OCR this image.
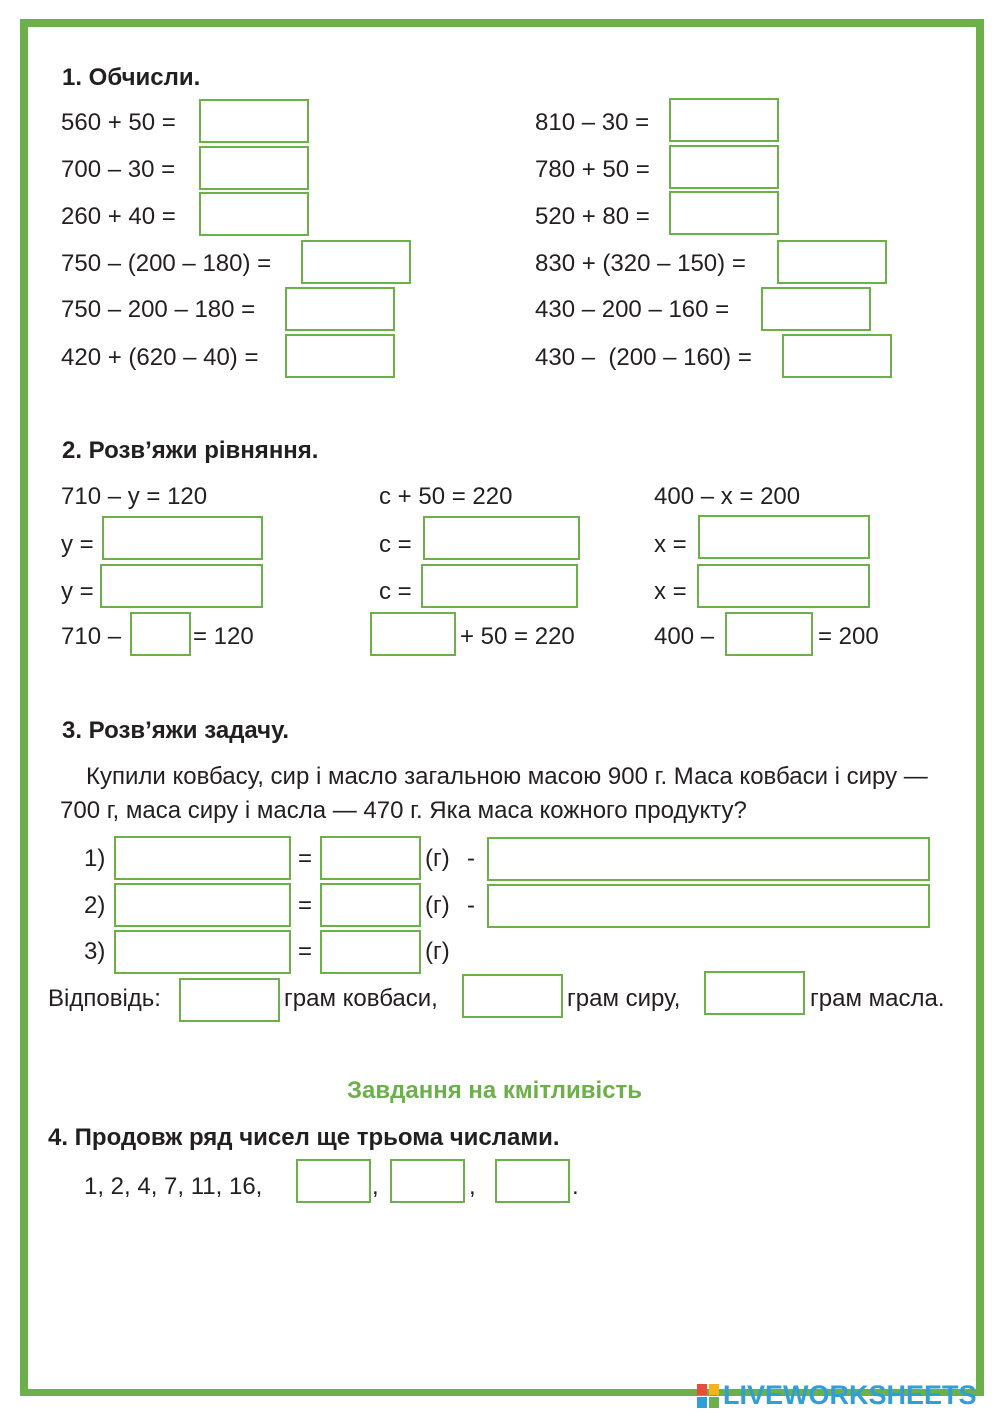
1. Обчисли.
560 + 50 =
700 – 30 =
260 + 40 =
750 – (200 – 180) =
750 – 200 – 180 =
420 + (620 – 40) =
810 – 30 =
780 + 50 =
520 + 80 =
830 + (320 – 150) =
430 – 200 – 160 =
430 –  (200 – 160) =
2. Розв’яжи рівняння.
710 – y = 120
y =
y =
710 –	= 120
c + 50 = 220
c =
c =
+ 50 = 220
400 – x = 200
x =
x =
400 –	= 200
3. Розв’яжи задачу.
Купили ковбасу, сир і масло загальною масою 900 г. Маса ковбаси і сиру — 700 г, маса сиру і масла — 470 г. Яка маса кожного продукту?
1)	=	(г) -
2)	=	(г) -
3)	=	(г)
Відповідь:	грам ковбаси,	грам сиру,	грам масла.
Завдання на кмітливість
4. Продовж ряд чисел ще трьома числами.
1, 2, 4, 7, 11, 16,	,	,	.
LIVEWORKSHEETS
